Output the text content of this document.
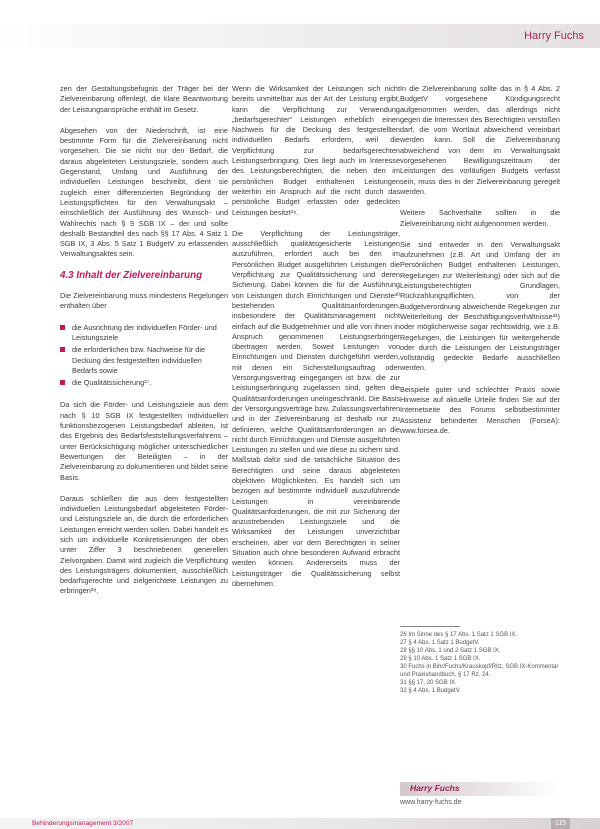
Harry Fuchs

zen der Gestaltungsbefugnis der Träger bei der Zielvereinbarung offenlegt, die klare Beantwortung der Leistungsansprüche enthält im Gesetz.

Abgesehen von der Niederschrift, ist eine bestimmte Form für die Zielvereinbarung nicht vorgesehen. Die sie nicht nur den Bedarf, die daraus abgeleiteten Leistungsziele, sondern auch Gegenstand, Umfang und Ausführung der individuellen Leistungen beschreibt, dient sie zugleich einer differenzierten Begründung der Leistungspflichten für den Verwaltungsakt – einschließlich der Ausführung des Wunsch- und Wahlrechts nach § 9 SGB IX – der und sollte deshalb Bestandteil des nach §§ 17 Abs. 4 Satz 1 SGB IX, 3 Abs. 5 Satz 1 BudgetV zu erlassenden Verwaltungsaktes sein.

4.3 Inhalt der Zielvereinbarung

Die Zielvereinbarung muss mindestens Regelungen enthalten über

die Ausrichtung der individuellen Förder- und Leistungsziele
die erforderlichen bzw. Nachweise für die Deckung des festgestellten individuellen Bedarfs sowie
die Qualitätssicherung²⁷.

Da sich die Förder- und Leistungsziele aus dem nach § 10 SGB IX festgestellten individuellen funktionsbezogenen Leistungsbedarf ableiten, ist das Ergebnis des Bedarfsfeststellungsverfahrens – unter Berücksichtigung möglicher unterschiedlicher Bewertungen der Beteiligten – in der Zielvereinbarung zu dokumentieren und bildet seine Basis.

Daraus schließen die aus dem festgestellten individuellen Leistungsbedarf abgeleiteten Förder- und Leistungsziele an, die durch die erforderlichen Leistungen erreicht werden sollen. Dabei handelt es sich um individuelle Konkretisierungen der oben unter Ziffer 3 beschriebenen generellen Zielvorgaben. Damit wird zugleich die Verpflichtung des Leistungsträgers dokumentiert, ausschließlich bedarfsgerechte und zielgerichtete Leistungen zu erbringen²⁸.

Wenn die Wirksamkeit der Leistungen sich nicht bereits unmittelbar aus der Art der Leistung ergibt, kann die Verpflichtung zur Verwendung „bedarfsgerechter“ Leistungen erheblich einen Nachweis für die Deckung des festgestellten individuellen Bedarfs erfordern, weil die Verpflichtung zur bedarfsgerechten Leistungserbringung. Dies liegt auch im Interesse des Leistungsberechtigten, die neben den im persönlichen Budget enthaltenen Leistungen weiterhin ein Anspruch auf die nicht durch das persönliche Budget erfassten oder gedeckten Leistungen besitzt²⁹.

Die Verpflichtung der Leistungsträger, ausschließlich qualitätsgesicherte Leistungen auszuführen, erfordert auch bei den im Persönlichen Budget ausgeführten Leistungen die Verpflichtung zur Qualitätssicherung und deren Sicherung. Dabei können die für die Ausführung von Leistungen durch Einrichtungen und Dienste³⁰ bestehenden Qualitätsanforderungen, insbesondere der Qualitätsmanagement nicht einfach auf die Budgetnehmer und alle von ihnen in Anspruch genommenen Leistungserbringer übertragen werden. Soweit Leistungen von Einrichtungen und Diensten durchgeführt werden, mit denen ein Sicherstellungsauftrag oder Versorgungsvertrag eingegangen ist bzw. die zur Leistungserbringung zugelassen sind, gelten die Qualitätsanforderungen uneingeschränkt. Die Basis der Versorgungsverträge bzw. Zulassungsverfahren und in der Zielvereinbarung ist deshalb nur zu definieren, welche Qualitätsanforderungen an die nicht durch Einrichtungen und Dienste ausgeführten Leistungen zu stellen und wie diese zu sichern sind. Maßstab dafür sind die tatsächliche Situation des Berechtigten und seine daraus abgeleiteten objektiven Möglichkeiten. Es handelt sich um bezogen auf bestimmte individuell auszuführende Leistungen in vereinbarende Qualitätsanforderungen, die mit zur Sicherung der anzustrebenden Leistungsziele und die Wirksamkeit der Leistungen unverzichtbar erscheinen, aber vor dem Berechtigten in seiner Situation auch ohne besonderen Aufwand erbracht werden können. Andererseits muss der Leistungsträger die Qualitätssicherung selbst übernehmen.

In die Zielvereinbarung sollte das in § 4 Abs. 2 BudgetV vorgesehene Kündigungsrecht aufgenommen werden, das allerdings nicht gegen die Interessen des Berechtigten verstoßen darf, die vom Wortlaut abweichend vereinbart werden kann. Soll die Zielvereinbarung abweichend von dem im Verwaltungsakt vorgesehenen Bewilligungszeitraum der Leistungen des vorläufigen Budgets verfasst sein, muss dies in der Zielvereinbarung geregelt werden.

Weitere Sachverhalte sollten in die Zielvereinbarung nicht aufgenommen werden.

Sie sind entweder in den Verwaltungsakt aufzunehmen (z.B. Art und Umfang der im Persönlichen Budget enthaltenen Leistungen, Regelungen zur Weiterleitung) oder sich auf die Leistungsberechtigten Grundlagen, Rückzahlungspflichten, von der Budgetverordnung abweichende Regelungen zur Weiterleitung der Beschäftigungsverhältnisse³¹) oder möglicherweise sogar rechtswidrig, wie z.B. Regelungen, die Leistungen für weitergehende oder durch die Leistungen der Leistungsträger vollständig gedeckte Bedarfe ausschließen werden.

Beispiele guter und schlechter Praxis sowie Hinweise auf aktuelle Urteile finden Sie auf der Internetseite des Forums selbstbestimmter Assistenz behinderter Menschen (ForseA): www.forsea.de.

26 Im Sinne des § 17 Abs. 1 Satz 1 SGB IX.
27 § 4 Abs. 1 Satz 1 BudgetV.
28 §§ 10 Abs. 1 und 2 Satz 1 SGB IX.
29 § 10 Abs. 1 Satz 1 SGB IX.
30 Fuchs in Bihr/Fuchs/Krauskopf/Ritz, SGB IX-Kommentar und Praxishandbuch, § 17 Rz. 24.
31 §§ 17, 20 SGB IX.
32 § 4 Abs. 1 BudgetV.
Harry Fuchs
www.harry-fuchs.de
Behinderungsmanagement 3/2007	115
